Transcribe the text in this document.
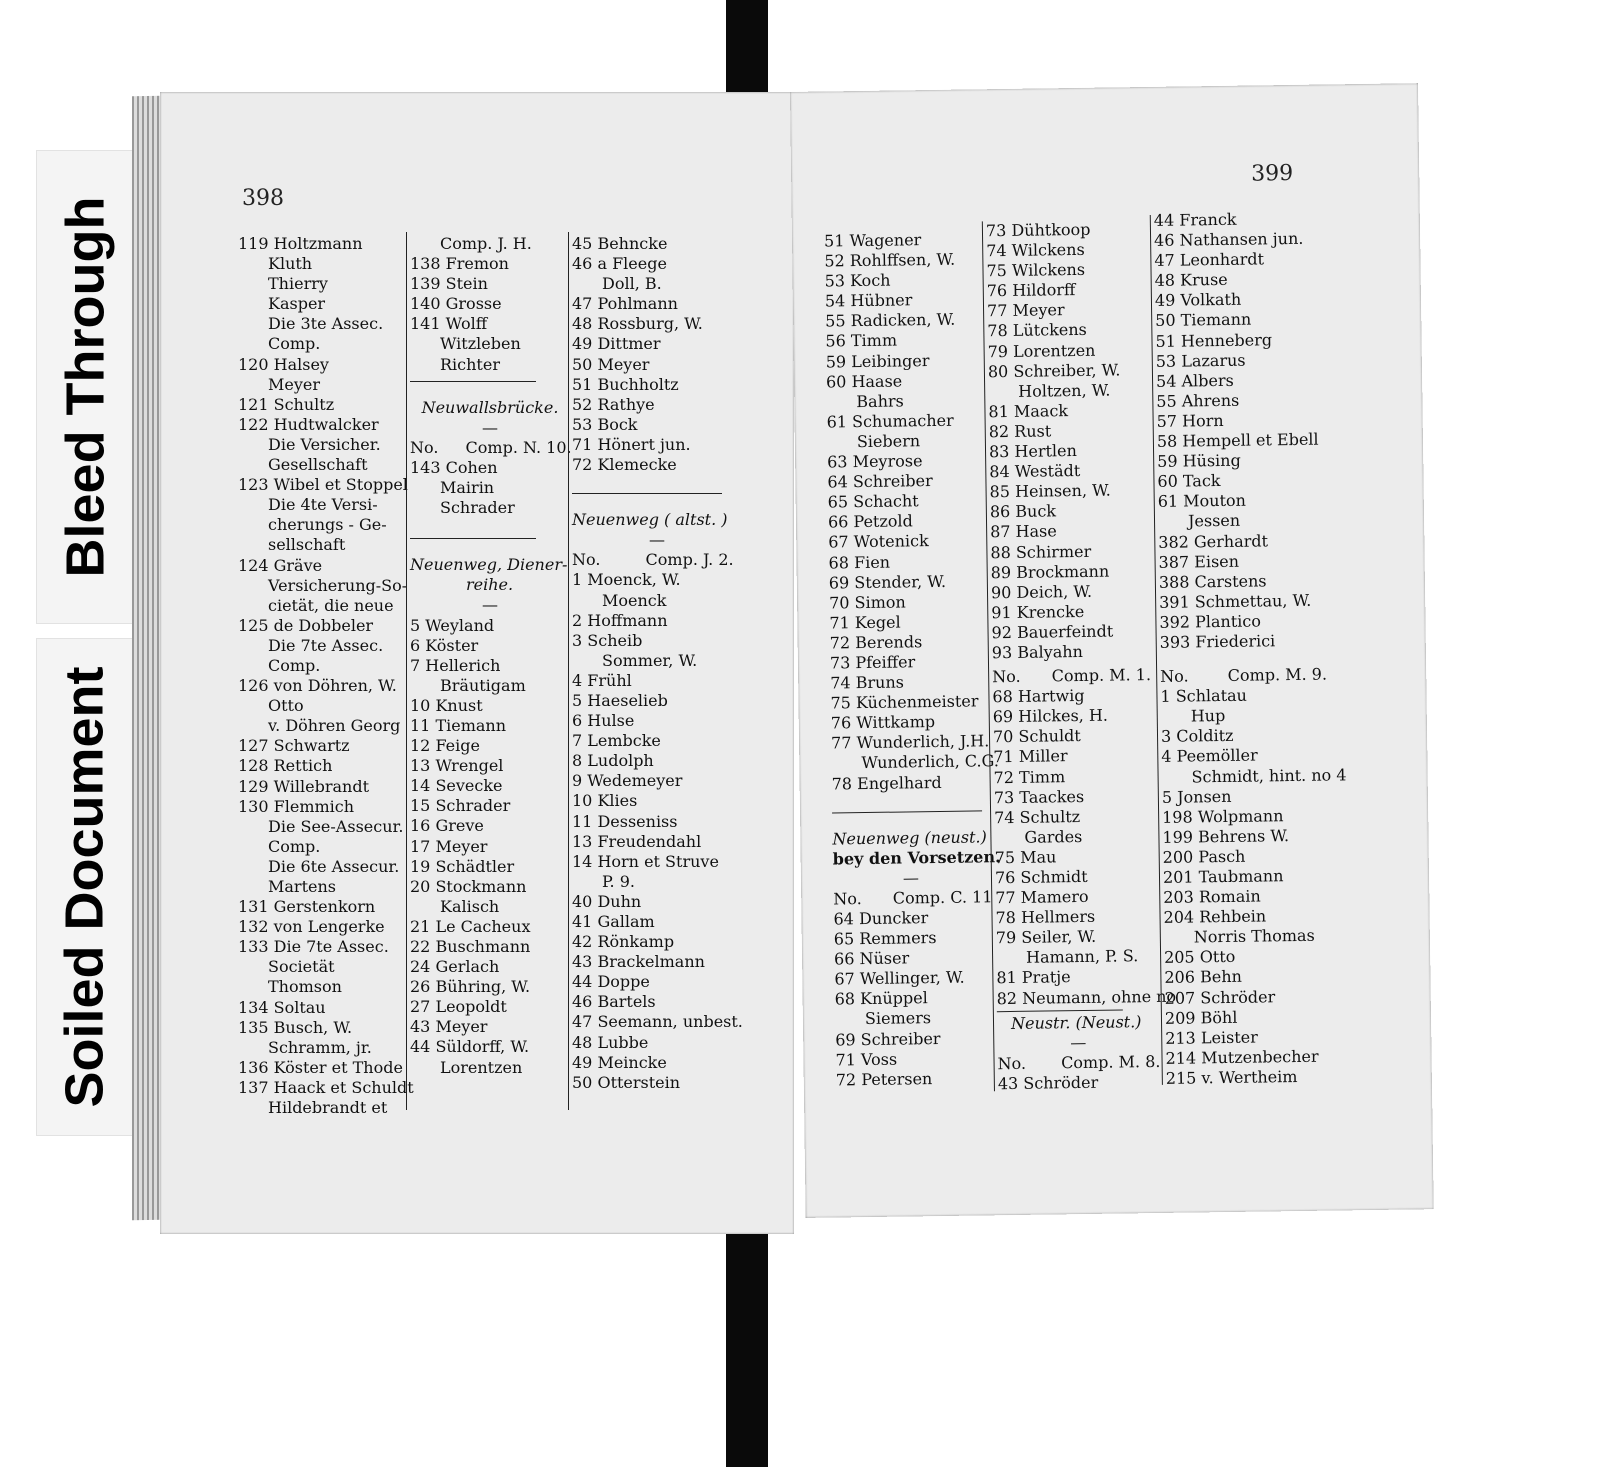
Bleed Through
Soiled Document
398
119 Holtzmann
Kluth
Thierry
Kasper
Die 3te Assec.
Comp.
120 Halsey
Meyer
121 Schultz
122 Hudtwalcker
Die Versicher.
Gesellschaft
123 Wibel et Stoppel
Die 4te Versi-
cherungs - Ge-
sellschaft
124 Gräve
Versicherung-So-
cietät, die neue
125 de Dobbeler
Die 7te Assec.
Comp.
126 von Döhren, W.
Otto
v. Döhren Georg
127 Schwartz
128 Rettich
129 Willebrandt
130 Flemmich
Die See-Assecur.
Comp.
Die 6te Assecur.
Martens
131 Gerstenkorn
132 von Lengerke
133 Die 7te Assec.
Societät
Thomson
134 Soltau
135 Busch, W.
Schramm, jr.
136 Köster et Thode
137 Haack et Schuldt
Hildebrandt et
Comp. J. H.
138 Fremon
139 Stein
140 Grosse
141 Wolff
Witzleben
Richter
Neuwallsbrücke.
—
No. Comp. N. 10.
143 Cohen
Mairin
Schrader
Neuenweg, Diener-
reihe.
—
5 Weyland
6 Köster
7 Hellerich
Bräutigam
10 Knust
11 Tiemann
12 Feige
13 Wrengel
14 Sevecke
15 Schrader
16 Greve
17 Meyer
19 Schädtler
20 Stockmann
Kalisch
21 Le Cacheux
22 Buschmann
24 Gerlach
26 Bühring, W.
27 Leopoldt
43 Meyer
44 Süldorff, W.
Lorentzen
45 Behncke
46 a Fleege
Doll, B.
47 Pohlmann
48 Rossburg, W.
49 Dittmer
50 Meyer
51 Buchholtz
52 Rathye
53 Bock
71 Hönert jun.
72 Klemecke
Neuenweg ( altst. )
—
No.	Comp. J. 2.
1 Moenck, W.
Moenck
2 Hoffmann
3 Scheib
Sommer, W.
4 Frühl
5 Haeselieb
6 Hulse
7 Lembcke
8 Ludolph
9 Wedemeyer
10 Klies
11 Desseniss
13 Freudendahl
14 Horn et Struve
P. 9.
40 Duhn
41 Gallam
42 Rönkamp
43 Brackelmann
44 Doppe
46 Bartels
47 Seemann, unbest.
48 Lubbe
49 Meincke
50 Otterstein
399
51 Wagener
52 Rohlffsen, W.
53 Koch
54 Hübner
55 Radicken, W.
56 Timm
59 Leibinger
60 Haase
Bahrs
61 Schumacher
Siebern
63 Meyrose
64 Schreiber
65 Schacht
66 Petzold
67 Wotenick
68 Fien
69 Stender, W.
70 Simon
71 Kegel
72 Berends
73 Pfeiffer
74 Bruns
75 Küchenmeister
76 Wittkamp
77 Wunderlich, J.H.
Wunderlich, C.G.
78 Engelhard
Neuenweg (neust.)
bey den Vorsetzen.
—
No. Comp. C. 11
64 Duncker
65 Remmers
66 Nüser
67 Wellinger, W.
68 Knüppel
Siemers
69 Schreiber
71 Voss
72 Petersen
73 Dühtkoop
74 Wilckens
75 Wilckens
76 Hildorff
77 Meyer
78 Lütckens
79 Lorentzen
80 Schreiber, W.
Holtzen, W.
81 Maack
82 Rust
83 Hertlen
84 Westädt
85 Heinsen, W.
86 Buck
87 Hase
88 Schirmer
89 Brockmann
90 Deich, W.
91 Krencke
92 Bauerfeindt
93 Balyahn
No. Comp. M. 1.
68 Hartwig
69 Hilckes, H.
70 Schuldt
71 Miller
72 Timm
73 Taackes
74 Schultz
Gardes
75 Mau
76 Schmidt
77 Mamero
78 Hellmers
79 Seiler, W.
Hamann, P. S.
81 Pratje
82 Neumann, ohne no
Neustr. (Neust.)
—
No. Comp. M. 8.
43 Schröder
44 Franck
46 Nathansen jun.
47 Leonhardt
48 Kruse
49 Volkath
50 Tiemann
51 Henneberg
53 Lazarus
54 Albers
55 Ahrens
57 Horn
58 Hempell et Ebell
59 Hüsing
60 Tack
61 Mouton
Jessen
382 Gerhardt
387 Eisen
388 Carstens
391 Schmettau, W.
392 Plantico
393 Friederici
No. Comp. M. 9.
1 Schlatau
Hup
3 Colditz
4 Peemöller
Schmidt, hint. no 4
5 Jonsen
198 Wolpmann
199 Behrens W.
200 Pasch
201 Taubmann
203 Romain
204 Rehbein
Norris Thomas
205 Otto
206 Behn
207 Schröder
209 Böhl
213 Leister
214 Mutzenbecher
215 v. Wertheim
